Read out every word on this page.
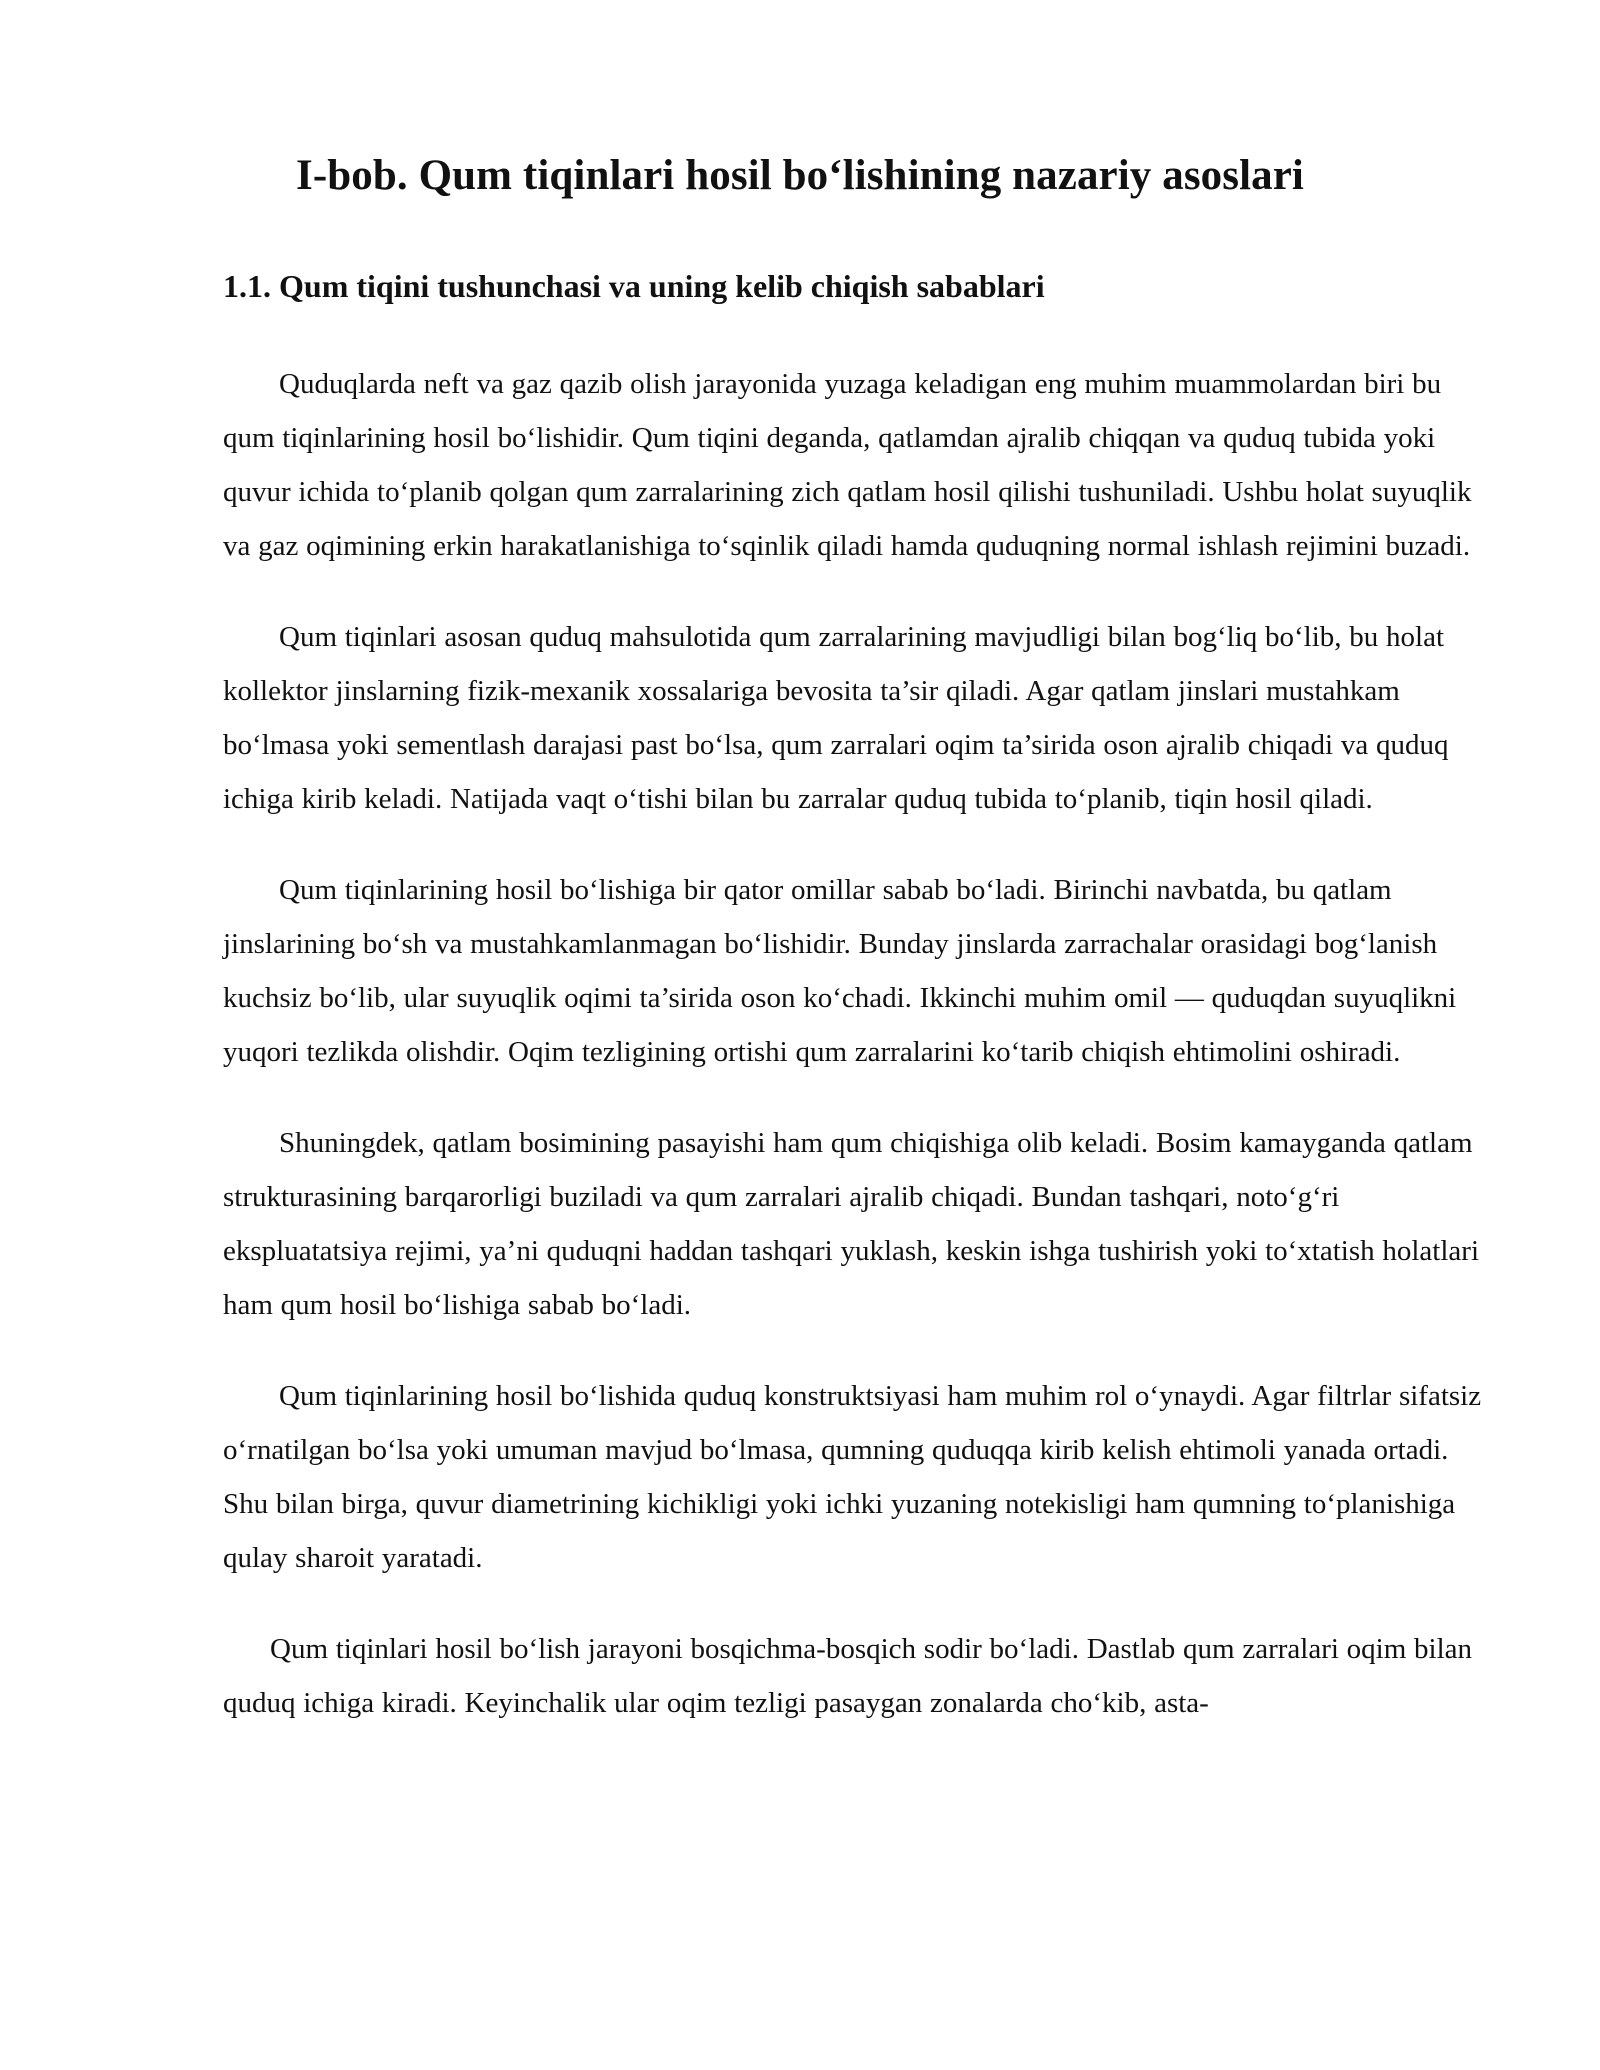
I-bob. Qum tiqinlari hosil bo‘lishining nazariy asoslari
1.1. Qum tiqini tushunchasi va uning kelib chiqish sabablari

Quduqlarda neft va gaz qazib olish jarayonida yuzaga keladigan eng muhim muammolardan biri bu qum tiqinlarining hosil bo‘lishidir. Qum tiqini deganda, qatlamdan ajralib chiqqan va quduq tubida yoki quvur ichida to‘planib qolgan qum zarralarining zich qatlam hosil qilishi tushuniladi. Ushbu holat suyuqlik va gaz oqimining erkin harakatlanishiga to‘sqinlik qiladi hamda quduqning normal ishlash rejimini buzadi.

Qum tiqinlari asosan quduq mahsulotida qum zarralarining mavjudligi bilan bog‘liq bo‘lib, bu holat kollektor jinslarning fizik-mexanik xossalariga bevosita ta’sir qiladi. Agar qatlam jinslari mustahkam bo‘lmasa yoki sementlash darajasi past bo‘lsa, qum zarralari oqim ta’sirida oson ajralib chiqadi va quduq ichiga kirib keladi. Natijada vaqt o‘tishi bilan bu zarralar quduq tubida to‘planib, tiqin hosil qiladi.

Qum tiqinlarining hosil bo‘lishiga bir qator omillar sabab bo‘ladi. Birinchi navbatda, bu qatlam jinslarining bo‘sh va mustahkamlanmagan bo‘lishidir. Bunday jinslarda zarrachalar orasidagi bog‘lanish kuchsiz bo‘lib, ular suyuqlik oqimi ta’sirida oson ko‘chadi. Ikkinchi muhim omil — quduqdan suyuqlikni yuqori tezlikda olishdir. Oqim tezligining ortishi qum zarralarini ko‘tarib chiqish ehtimolini oshiradi.

Shuningdek, qatlam bosimining pasayishi ham qum chiqishiga olib keladi. Bosim kamayganda qatlam strukturasining barqarorligi buziladi va qum zarralari ajralib chiqadi. Bundan tashqari, noto‘g‘ri ekspluatatsiya rejimi, ya’ni quduqni haddan tashqari yuklash, keskin ishga tushirish yoki to‘xtatish holatlari ham qum hosil bo‘lishiga sabab bo‘ladi.

Qum tiqinlarining hosil bo‘lishida quduq konstruktsiyasi ham muhim rol o‘ynaydi. Agar filtrlar sifatsiz o‘rnatilgan bo‘lsa yoki umuman mavjud bo‘lmasa, qumning quduqqa kirib kelish ehtimoli yanada ortadi. Shu bilan birga, quvur diametrining kichikligi yoki ichki yuzaning notekisligi ham qumning to‘planishiga qulay sharoit yaratadi.

Qum tiqinlari hosil bo‘lish jarayoni bosqichma-bosqich sodir bo‘ladi. Dastlab qum zarralari oqim bilan quduq ichiga kiradi. Keyinchalik ular oqim tezligi pasaygan zonalarda cho‘kib, asta-
